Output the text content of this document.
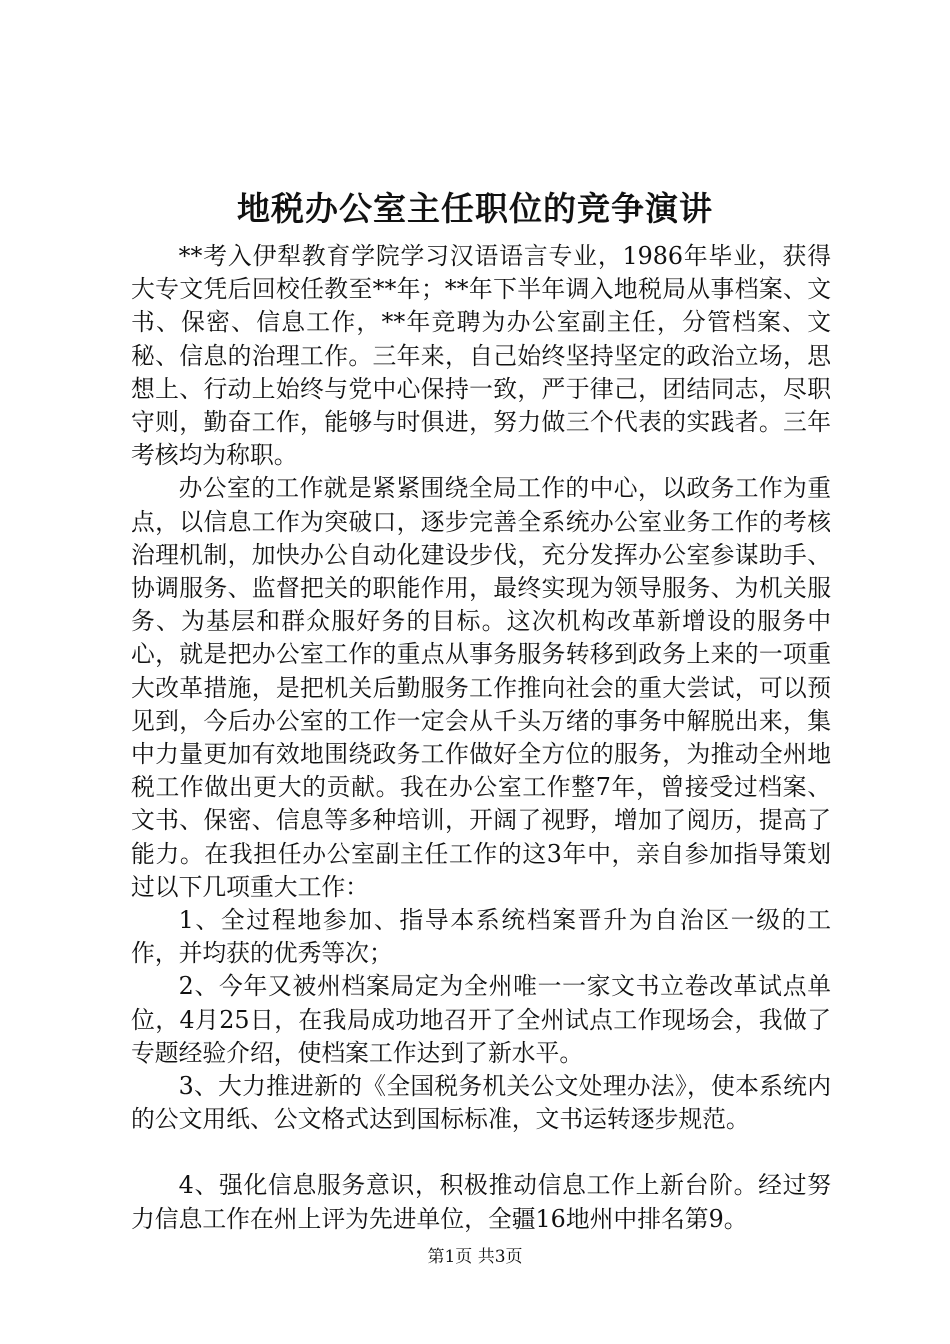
地税办公室主任职位的竞争演讲

**考入伊犁教育学院学习汉语语言专业，1986年毕业，获得大专文凭后回校任教至**年；**年下半年调入地税局从事档案、文书、保密、信息工作，**年竞聘为办公室副主任，分管档案、文秘、信息的治理工作。三年来，自己始终坚持坚定的政治立场，思想上、行动上始终与党中心保持一致，严于律己，团结同志，尽职守则，勤奋工作，能够与时俱进，努力做三个代表的实践者。三年考核均为称职。

办公室的工作就是紧紧围绕全局工作的中心，以政务工作为重点，以信息工作为突破口，逐步完善全系统办公室业务工作的考核治理机制，加快办公自动化建设步伐，充分发挥办公室参谋助手、协调服务、监督把关的职能作用，最终实现为领导服务、为机关服务、为基层和群众服好务的目标。这次机构改革新增设的服务中心，就是把办公室工作的重点从事务服务转移到政务上来的一项重大改革措施，是把机关后勤服务工作推向社会的重大尝试，可以预见到，今后办公室的工作一定会从千头万绪的事务中解脱出来，集中力量更加有效地围绕政务工作做好全方位的服务，为推动全州地税工作做出更大的贡献。我在办公室工作整7年，曾接受过档案、文书、保密、信息等多种培训，开阔了视野，增加了阅历，提高了能力。在我担任办公室副主任工作的这3年中，亲自参加指导策划过以下几项重大工作：

1、全过程地参加、指导本系统档案晋升为自治区一级的工作，并均获的优秀等次；

2、今年又被州档案局定为全州唯一一家文书立卷改革试点单位，4月25日，在我局成功地召开了全州试点工作现场会，我做了专题经验介绍，使档案工作达到了新水平。

3、大力推进新的《全国税务机关公文处理办法》，使本系统内的公文用纸、公文格式达到国标标准，文书运转逐步规范。

4、强化信息服务意识，积极推动信息工作上新台阶。经过努力信息工作在州上评为先进单位，全疆16地州中排名第9。

第1页 共3页
